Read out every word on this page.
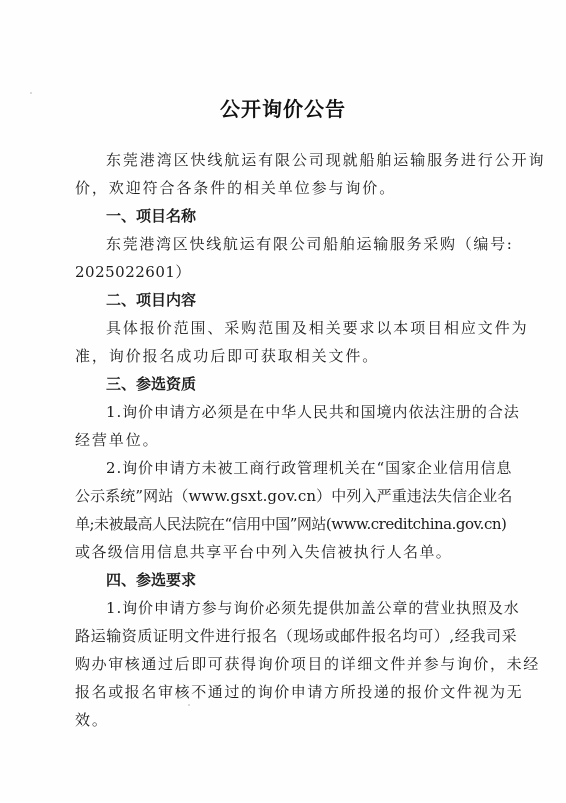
公开询价公告
东莞港湾区快线航运有限公司现就船舶运输服务进行公开询
价，欢迎符合各条件的相关单位参与询价。
一、项目名称
东莞港湾区快线航运有限公司船舶运输服务采购（编号:
2025022601）
二、项目内容
具体报价范围、采购范围及相关要求以本项目相应文件为
准，询价报名成功后即可获取相关文件。
三、参选资质
1.询价申请方必须是在中华人民共和国境内依法注册的合法
经营单位。
2.询价申请方未被工商行政管理机关在“国家企业信用信息
公示系统”网站（www.gsxt.gov.cn）中列入严重违法失信企业名
单;未被最高人民法院在“信用中国”网站(www.creditchina.gov.cn)
或各级信用信息共享平台中列入失信被执行人名单。
四、参选要求
1.询价申请方参与询价必须先提供加盖公章的营业执照及水
路运输资质证明文件进行报名（现场或邮件报名均可）,经我司采
购办审核通过后即可获得询价项目的详细文件并参与询价，未经
报名或报名审核不通过的询价申请方所投递的报价文件视为无
效。
